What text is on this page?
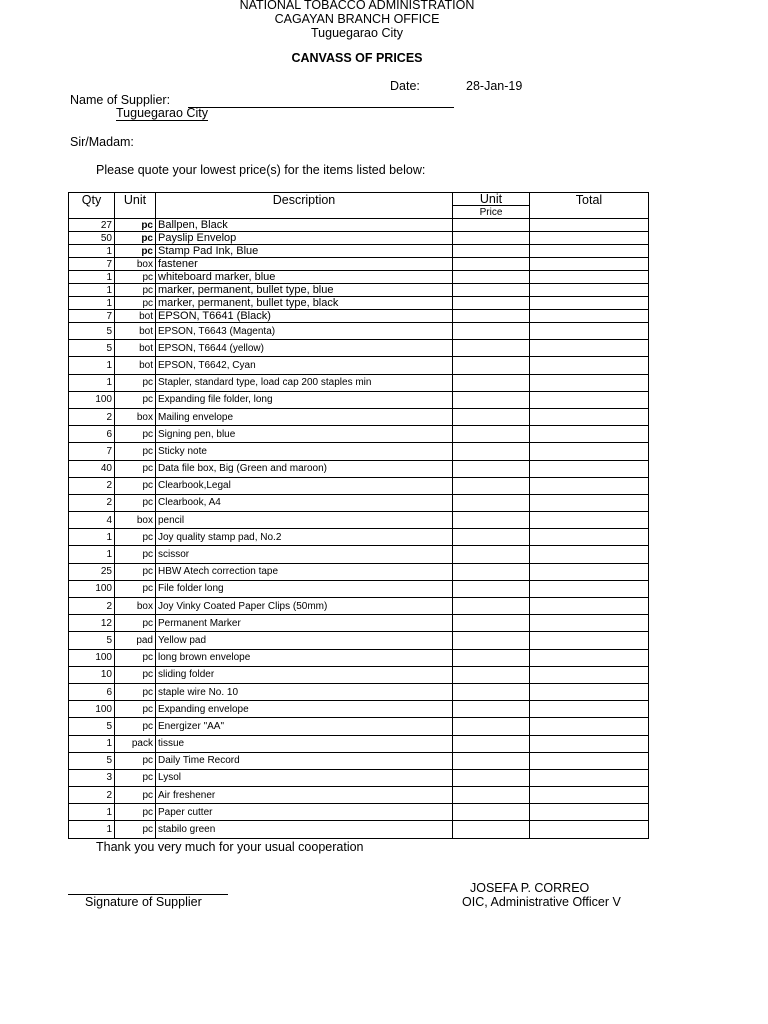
NATIONAL TOBACCO ADMINISTRATION
CAGAYAN BRANCH OFFICE
Tuguegarao City
CANVASS OF PRICES
Date:	28-Jan-19
Name of Supplier:
Tuguegarao City
Sir/Madam:
Please quote your lowest price(s) for the items listed below:
Qty	Unit	Description	Unit	Total
			Price	
27	pc	Ballpen, Black		
50	pc	Payslip Envelop		
1	pc	Stamp Pad Ink, Blue		
7	box	fastener		
1	pc	whiteboard marker, blue		
1	pc	marker, permanent, bullet type, blue		
1	pc	marker, permanent, bullet type, black		
7	bot	EPSON, T6641 (Black)		
5	bot	EPSON, T6643 (Magenta)		
5	bot	EPSON, T6644 (yellow)		
1	bot	EPSON, T6642, Cyan		
1	pc	Stapler, standard type, load cap 200 staples min		
100	pc	Expanding file folder, long		
2	box	Mailing envelope		
6	pc	Signing pen, blue		
7	pc	Sticky note		
40	pc	Data file box, Big (Green and maroon)		
2	pc	Clearbook,Legal		
2	pc	Clearbook, A4		
4	box	pencil		
1	pc	Joy quality stamp pad, No.2		
1	pc	scissor		
25	pc	HBW Atech correction tape		
100	pc	File folder long		
2	box	Joy Vinky Coated Paper Clips (50mm)		
12	pc	Permanent Marker		
5	pad	Yellow pad		
100	pc	long brown envelope		
10	pc	sliding folder		
6	pc	staple wire No. 10		
100	pc	Expanding envelope		
5	pc	Energizer "AA"		
1	pack	tissue		
5	pc	Daily Time Record		
3	pc	Lysol		
2	pc	Air freshener		
1	pc	Paper cutter		
1	pc	stabilo green		
Thank you very much for your usual cooperation
Signature of Supplier
JOSEFA P. CORREO
OIC, Administrative Officer V
